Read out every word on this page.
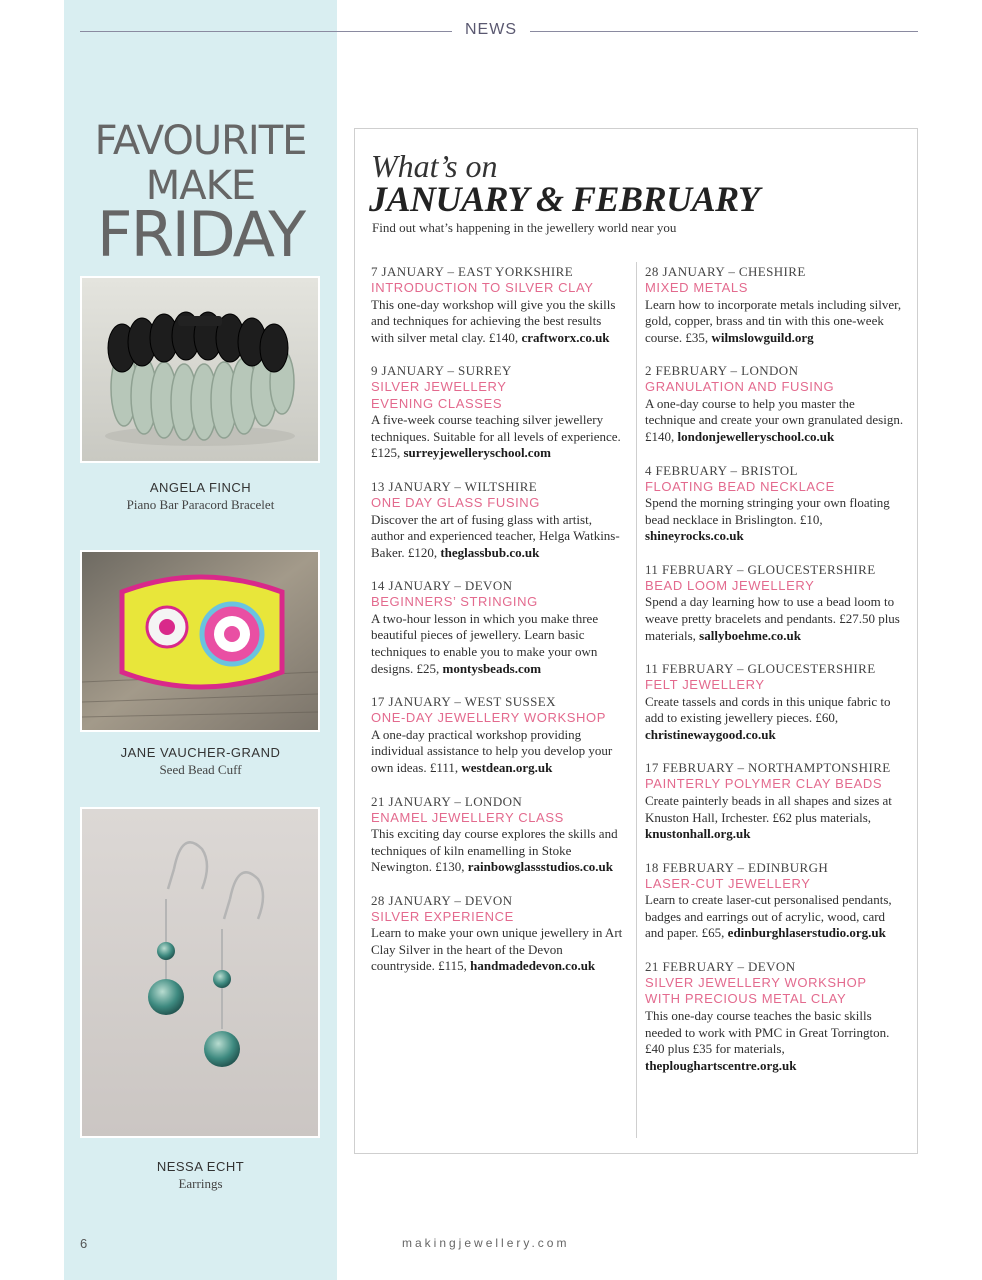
NEWS
FAVOURITE
MAKE
FRIDAY
ANGELA FINCH
Piano Bar Paracord Bracelet
JANE VAUCHER-GRAND
Seed Bead Cuff
NESSA ECHT
Earrings
What’s on
JANUARY & FEBRUARY
Find out what’s happening in the jewellery world near you
7 JANUARY – EAST YORKSHIRE
INTRODUCTION TO SILVER CLAY
This one-day workshop will give you the skills and techniques for achieving the best results with silver metal clay. £140, craftworx.co.uk
9 JANUARY – SURREY
SILVER JEWELLERY EVENING CLASSES
A five-week course teaching silver jewellery techniques. Suitable for all levels of experience. £125, surreyjewelleryschool.com
13 JANUARY – WILTSHIRE
ONE DAY GLASS FUSING
Discover the art of fusing glass with artist, author and experienced teacher, Helga Watkins-Baker. £120, theglassbub.co.uk
14 JANUARY – DEVON
BEGINNERS’ STRINGING
A two-hour lesson in which you make three beautiful pieces of jewellery. Learn basic techniques to enable you to make your own designs. £25, montysbeads.com
17 JANUARY – WEST SUSSEX
ONE-DAY JEWELLERY WORKSHOP
A one-day practical workshop providing individual assistance to help you develop your own ideas. £111, westdean.org.uk
21 JANUARY – LONDON
ENAMEL JEWELLERY CLASS
This exciting day course explores the skills and techniques of kiln enamelling in Stoke Newington. £130, rainbowglassstudios.co.uk
28 JANUARY – DEVON
SILVER EXPERIENCE
Learn to make your own unique jewellery in Art Clay Silver in the heart of the Devon countryside. £115, handmadedevon.co.uk
28 JANUARY – CHESHIRE
MIXED METALS
Learn how to incorporate metals including silver, gold, copper, brass and tin with this one-week course. £35, wilmslowguild.org
2 FEBRUARY – LONDON
GRANULATION AND FUSING
A one-day course to help you master the technique and create your own granulated design. £140, londonjewelleryschool.co.uk
4 FEBRUARY – BRISTOL
FLOATING BEAD NECKLACE
Spend the morning stringing your own floating bead necklace in Brislington. £10, shineyrocks.co.uk
11 FEBRUARY – GLOUCESTERSHIRE
BEAD LOOM JEWELLERY
Spend a day learning how to use a bead loom to weave pretty bracelets and pendants. £27.50 plus materials, sallyboehme.co.uk
11 FEBRUARY – GLOUCESTERSHIRE
FELT JEWELLERY
Create tassels and cords in this unique fabric to add to existing jewellery pieces. £60, christinewaygood.co.uk
17 FEBRUARY – NORTHAMPTONSHIRE
PAINTERLY POLYMER CLAY BEADS
Create painterly beads in all shapes and sizes at Knuston Hall, Irchester. £62 plus materials, knustonhall.org.uk
18 FEBRUARY – EDINBURGH
LASER-CUT JEWELLERY
Learn to create laser-cut personalised pendants, badges and earrings out of acrylic, wood, card and paper. £65, edinburghlaserstudio.org.uk
21 FEBRUARY – DEVON
SILVER JEWELLERY WORKSHOP WITH PRECIOUS METAL CLAY
This one-day course teaches the basic skills needed to work with PMC in Great Torrington. £40 plus £35 for materials, theploughartscentre.org.uk
6	makingjewellery.com
